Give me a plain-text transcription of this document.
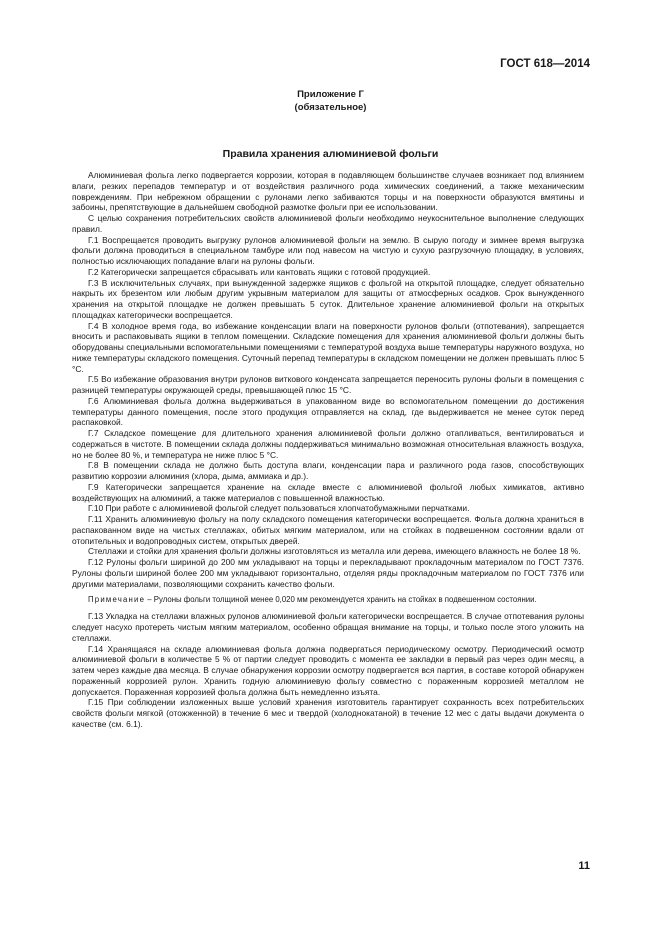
ГОСТ 618—2014
Приложение Г
(обязательное)
Правила хранения алюминиевой фольги

Алюминиевая фольга легко подвергается коррозии, которая в подавляющем большинстве случаев возникает под влиянием влаги, резких перепадов температур и от воздействия различного рода химических соединений, а также механическим повреждениям. При небрежном обращении с рулонами легко забиваются торцы и на поверхности образуются вмятины и забоины, препятствующие в дальнейшем свободной размотке фольги при ее использовании.

С целью сохранения потребительских свойств алюминиевой фольги необходимо неукоснительное выполнение следующих правил.

Г.1 Воспрещается проводить выгрузку рулонов алюминиевой фольги на землю. В сырую погоду и зимнее время выгрузка фольги должна проводиться в специальном тамбуре или под навесом на чистую и сухую разгрузочную площадку, в условиях, полностью исключающих попадание влаги на рулоны фольги.

Г.2 Категорически запрещается сбрасывать или кантовать ящики с готовой продукцией.

Г.3 В исключительных случаях, при вынужденной задержке ящиков с фольгой на открытой площадке, следует обязательно накрыть их брезентом или любым другим укрывным материалом для защиты от атмосферных осадков. Срок вынужденного хранения на открытой площадке не должен превышать 5 суток. Длительное хранение алюминиевой фольги на открытых площадках категорически воспрещается.

Г.4 В холодное время года, во избежание конденсации влаги на поверхности рулонов фольги (отпотевания), запрещается вносить и распаковывать ящики в теплом помещении. Складские помещения для хранения алюминиевой фольги должны быть оборудованы специальными вспомогательными помещениями с температурой воздуха выше температуры наружного воздуха, но ниже температуры складского помещения. Суточный перепад температуры в складском помещении не должен превышать плюс 5 °С.

Г.5 Во избежание образования внутри рулонов виткового конденсата запрещается переносить рулоны фольги в помещения с разницей температуры окружающей среды, превышающей плюс 15 °С.

Г.6 Алюминиевая фольга должна выдерживаться в упакованном виде во вспомогательном помещении до достижения температуры данного помещения, после этого продукция отправляется на склад, где выдерживается не менее суток перед распаковкой.

Г.7 Складское помещение для длительного хранения алюминиевой фольги должно отапливаться, вентилироваться и содержаться в чистоте. В помещении склада должны поддерживаться минимально возможная относительная влажность воздуха, но не более 80 %, и температура не ниже плюс 5 °С.

Г.8 В помещении склада не должно быть доступа влаги, конденсации пара и различного рода газов, способствующих развитию коррозии алюминия (хлора, дыма, аммиака и др.).

Г.9 Категорически запрещается хранение на складе вместе с алюминиевой фольгой любых химикатов, активно воздействующих на алюминий, а также материалов с повышенной влажностью.

Г.10 При работе с алюминиевой фольгой следует пользоваться хлопчатобумажными перчатками.

Г.11 Хранить алюминиевую фольгу на полу складского помещения категорически воспрещается. Фольга должна храниться в распакованном виде на чистых стеллажах, обитых мягким материалом, или на стойках в подвешенном состоянии вдали от отопительных и водопроводных систем, открытых дверей.

Стеллажи и стойки для хранения фольги должны изготовляться из металла или дерева, имеющего влажность не более 18 %.

Г.12 Рулоны фольги шириной до 200 мм укладывают на торцы и перекладывают прокладочным материалом по ГОСТ 7376. Рулоны фольги шириной более 200 мм укладывают горизонтально, отделяя ряды прокладочным материалом по ГОСТ 7376 или другими материалами, позволяющими сохранить качество фольги.

Примечание – Рулоны фольги толщиной менее 0,020 мм рекомендуется хранить на стойках в подвешенном состоянии.

Г.13 Укладка на стеллажи влажных рулонов алюминиевой фольги категорически воспрещается. В случае отпотевания рулоны следует насухо протереть чистым мягким материалом, особенно обращая внимание на торцы, и только после этого уложить на стеллажи.

Г.14 Хранящаяся на складе алюминиевая фольга должна подвергаться периодическому осмотру. Периодический осмотр алюминиевой фольги в количестве 5 % от партии следует проводить с момента ее закладки в первый раз через один месяц, а затем через каждые два месяца. В случае обнаружения коррозии осмотру подвергается вся партия, в составе которой обнаружен пораженный коррозией рулон. Хранить годную алюминиевую фольгу совместно с пораженным коррозией металлом не допускается. Пораженная коррозией фольга должна быть немедленно изъята.

Г.15 При соблюдении изложенных выше условий хранения изготовитель гарантирует сохранность всех потребительских свойств фольги мягкой (отожженной) в течение 6 мес и твердой (холоднокатаной) в течение 12 мес с даты выдачи документа о качестве (см. 6.1).

11
